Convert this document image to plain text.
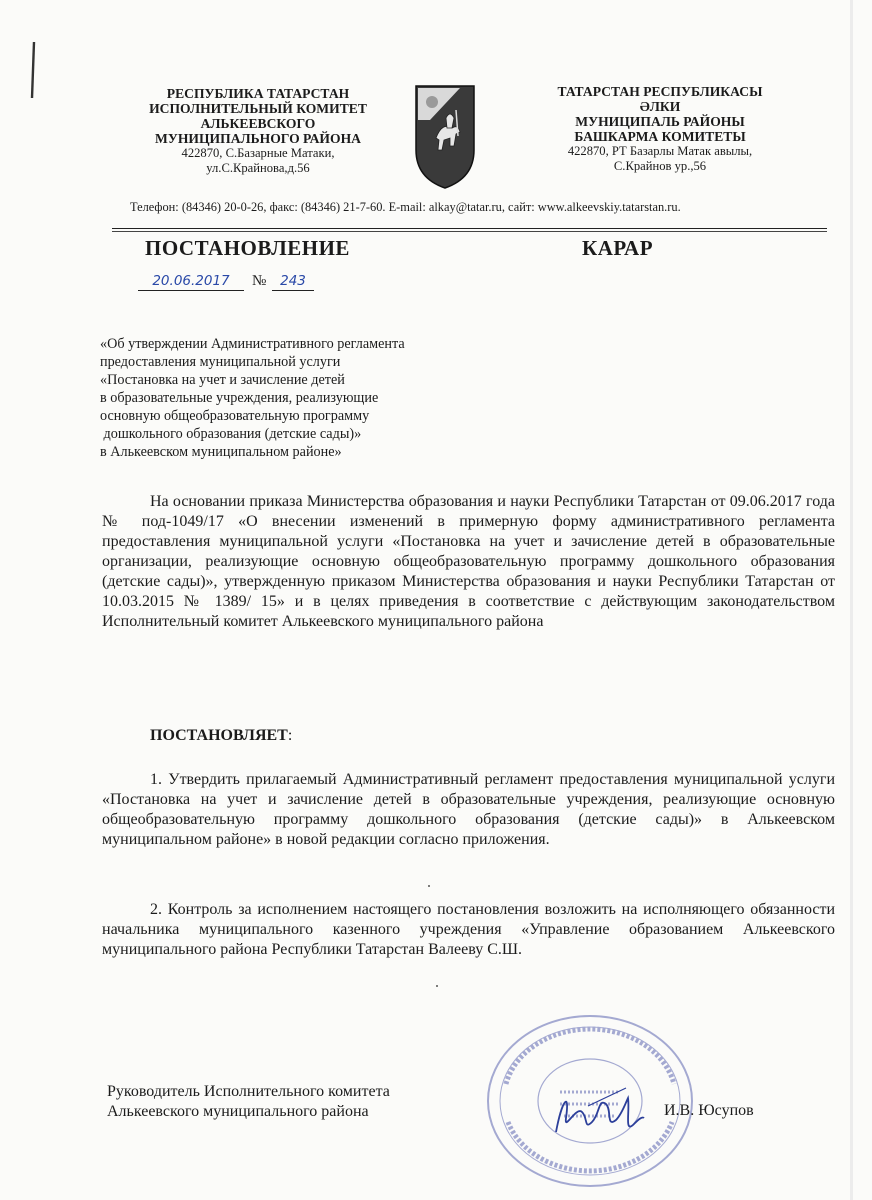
РЕСПУБЛИКА ТАТАРСТАН
ИСПОЛНИТЕЛЬНЫЙ КОМИТЕТ
АЛЬКЕЕВСКОГО
МУНИЦИПАЛЬНОГО РАЙОНА
422870, С.Базарные Матаки,
ул.С.Крайнова,д.56
ТАТАРСТАН РЕСПУБЛИКАСЫ
ӘЛКИ
МУНИЦИПАЛЬ РАЙОНЫ
БАШКАРМА КОМИТЕТЫ
422870, РТ Базарлы Матак авылы,
С.Крайнов ур.,56
Телефон: (84346) 20-0-26, факс: (84346) 21-7-60. E-mail: alkay@tatar.ru, сайт: www.alkeevskiy.tatarstan.ru.
ПОСТАНОВЛЕНИЕ	КАРАР
20.06.2017	№	243
«Об утверждении Административного регламента
предоставления муниципальной услуги
«Постановка на учет и зачисление детей
в образовательные учреждения, реализующие
основную общеобразовательную программу
дошкольного образования (детские сады)»
в Алькеевском муниципальном районе»
На основании приказа Министерства образования и науки Республики Татарстан от 09.06.2017 года № под-1049/17 «О внесении изменений в примерную форму административного регламента предоставления муниципальной услуги «Постановка на учет и зачисление детей в образовательные организации, реализующие основную общеобразовательную программу дошкольного образования (детские сады)», утвержденную приказом Министерства образования и науки Республики Татарстан от 10.03.2015 № 1389/ 15» и в целях приведения в соответствие с действующим законодательством Исполнительный комитет Алькеевского муниципального района
ПОСТАНОВЛЯЕТ:
1. Утвердить прилагаемый Административный регламент предоставления муниципальной услуги «Постановка на учет и зачисление детей в образовательные учреждения, реализующие основную общеобразовательную программу дошкольного образования (детские сады)» в Алькеевском муниципальном районе» в новой редакции согласно приложения.
2. Контроль за исполнением настоящего постановления возложить на исполняющего обязанности начальника муниципального казенного учреждения «Управление образованием Алькеевского муниципального района Республики Татарстан Валееву С.Ш.
Руководитель Исполнительного комитета
Алькеевского муниципального района	И.В. Юсупов
